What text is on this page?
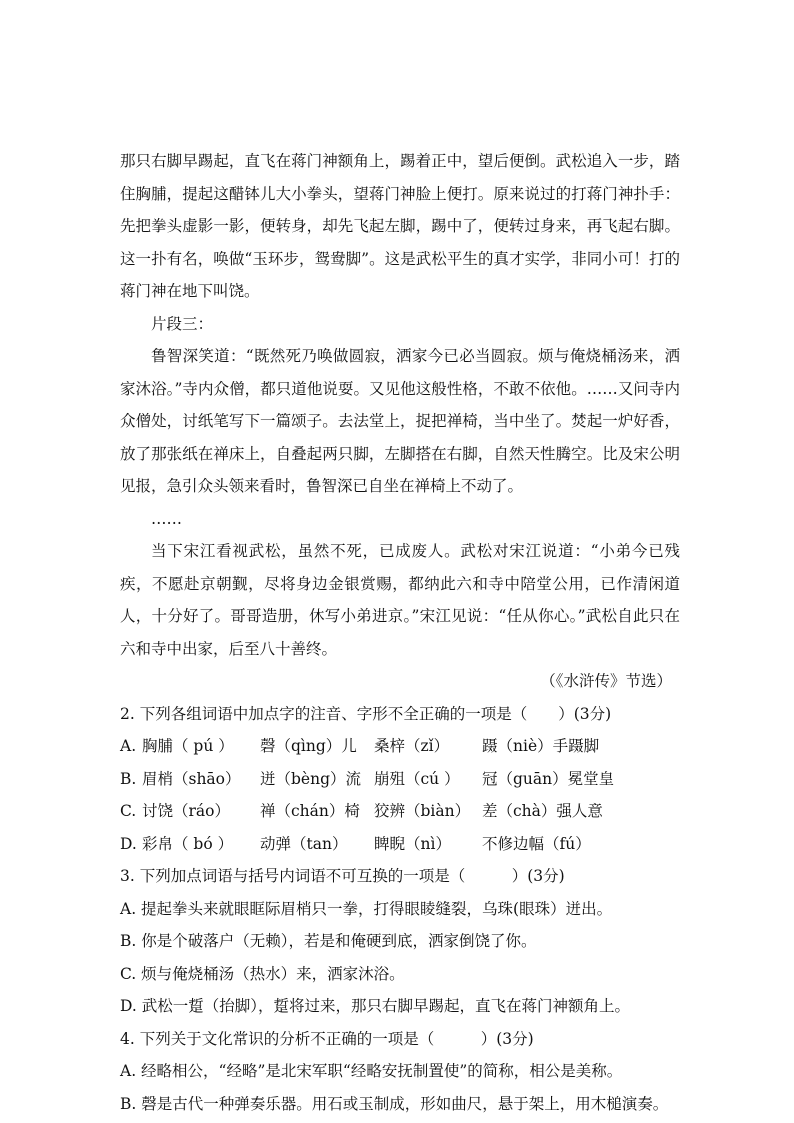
那只右脚早踢起，直飞在蒋门神额角上，踢着正中，望后便倒。武松追入一步，踏住胸脯，提起这醋钵儿大小拳头，望蒋门神脸上便打。原来说过的打蒋门神扑手：先把拳头虚影一影，便转身，却先飞起左脚，踢中了，便转过身来，再飞起右脚。这一扑有名，唤做“玉环步，鸳鸯脚”。这是武松平生的真才实学，非同小可！打的蒋门神在地下叫饶。

片段三：

鲁智深笑道：“既然死乃唤做圆寂，洒家今已必当圆寂。烦与俺烧桶汤来，洒家沐浴。”寺内众僧，都只道他说耍。又见他这般性格，不敢不依他。……又问寺内众僧处，讨纸笔写下一篇颂子。去法堂上，捉把禅椅，当中坐了。焚起一炉好香，放了那张纸在禅床上，自叠起两只脚，左脚搭在右脚，自然天性腾空。比及宋公明见报，急引众头领来看时，鲁智深已自坐在禅椅上不动了。

……

当下宋江看视武松，虽然不死，已成废人。武松对宋江说道：“小弟今已残疾，不愿赴京朝觐，尽将身边金银赏赐，都纳此六和寺中陪堂公用，已作清闲道人，十分好了。哥哥造册，休写小弟进京。”宋江见说：“任从你心。”武松自此只在六和寺中出家，后至八十善终。

（《水浒传》节选）

2. 下列各组词语中加点字的注音、字形不全正确的一项是（　　）(3分)

A. 胸脯（ pú ）	磬（qìng）儿	桑梓（zǐ）	蹑（niè）手蹑脚
B. 眉梢（shāo）	迸（bèng）流 崩殂（cú ）	冠（guān）冕堂皇
C. 讨饶（ráo）	禅（chán）椅 狡辨（biàn） 差（chà）强人意
D. 彩帛（ bó ）	动弹（tan）	睥睨（nì）	不修边幅（fú）

3. 下列加点词语与括号内词语不可互换的一项是（　　　）(3分)

A. 提起拳头来就眼眶际眉梢只一拳，打得眼睖缝裂，乌珠(眼珠）迸出。

B. 你是个破落户（无赖），若是和俺硬到底，洒家倒饶了你。

C. 烦与俺烧桶汤（热水）来，洒家沐浴。

D. 武松一踅（抬脚），踅将过来，那只右脚早踢起，直飞在蒋门神额角上。

4. 下列关于文化常识的分析不正确的一项是（　　　）(3分)

A. 经略相公，“经略”是北宋军职“经略安抚制置使”的简称，相公是美称。

B. 磬是古代一种弹奏乐器。用石或玉制成，形如曲尺，悬于架上，用木槌演奏。
